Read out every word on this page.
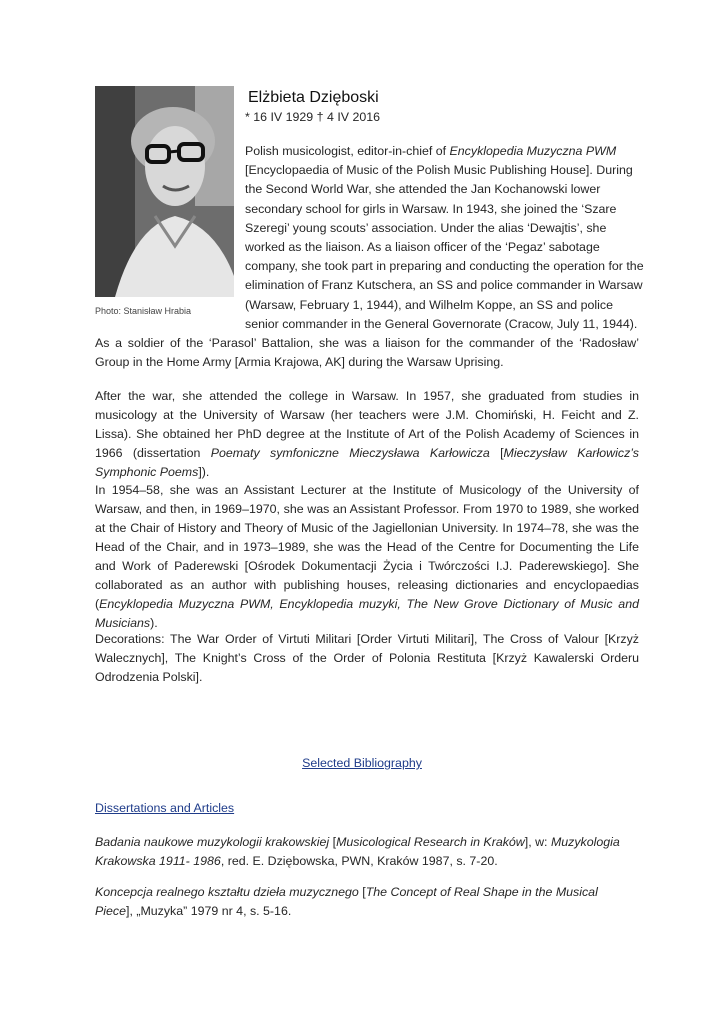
Photo: Stanisław Hrabia
Elżbieta Dzięboski
* 16 IV 1929 † 4 IV 2016

Polish musicologist, editor-in-chief of Encyklopedia Muzyczna PWM [Encyclopaedia of Music of the Polish Music Publishing House]. During the Second World War, she attended the Jan Kochanowski lower secondary school for girls in Warsaw. In 1943, she joined the ‘Szare Szeregi’ young scouts’ association. Under the alias ‘Dewajtis’, she worked as the liaison. As a liaison officer of the ‘Pegaz’ sabotage company, she took part in preparing and conducting the operation for the elimination of Franz Kutschera, an SS and police commander in Warsaw (Warsaw, February 1, 1944), and Wilhelm Koppe, an SS and police senior commander in the General Governorate (Cracow, July 11, 1944).

As a soldier of the ‘Parasol’ Battalion, she was a liaison for the commander of the ‘Radosław’ Group in the Home Army [Armia Krajowa, AK] during the Warsaw Uprising.

After the war, she attended the college in Warsaw. In 1957, she graduated from studies in musicology at the University of Warsaw (her teachers were J.M. Chomiński, H. Feicht and Z. Lissa). She obtained her PhD degree at the Institute of Art of the Polish Academy of Sciences in 1966 (dissertation Poematy symfoniczne Mieczysława Karłowicza [Mieczysław Karłowicz’s Symphonic Poems]).

In 1954–58, she was an Assistant Lecturer at the Institute of Musicology of the University of Warsaw, and then, in 1969–1970, she was an Assistant Professor. From 1970 to 1989, she worked at the Chair of History and Theory of Music of the Jagiellonian University. In 1974–78, she was the Head of the Chair, and in 1973–1989, she was the Head of the Centre for Documenting the Life and Work of Paderewski [Ośrodek Dokumentacji Życia i Twórczości I.J. Paderewskiego]. She collaborated as an author with publishing houses, releasing dictionaries and encyclopaedias (Encyklopedia Muzyczna PWM, Encyklopedia muzyki, The New Grove Dictionary of Music and Musicians).

Decorations: The War Order of Virtuti Militari [Order Virtuti Militari], The Cross of Valour [Krzyż Walecznych], The Knight’s Cross of the Order of Polonia Restituta [Krzyż Kawalerski Orderu Odrodzenia Polski].

Selected Bibliography
Dissertations and Articles

Badania naukowe muzykologii krakowskiej [Musicological Research in Kraków], w: Muzykologia Krakowska 1911- 1986, red. E. Dziębowska, PWN, Kraków 1987, s. 7-20.

Koncepcja realnego kształtu dzieła muzycznego [The Concept of Real Shape in the Musical Piece], „Muzyka” 1979 nr 4, s. 5-16.
